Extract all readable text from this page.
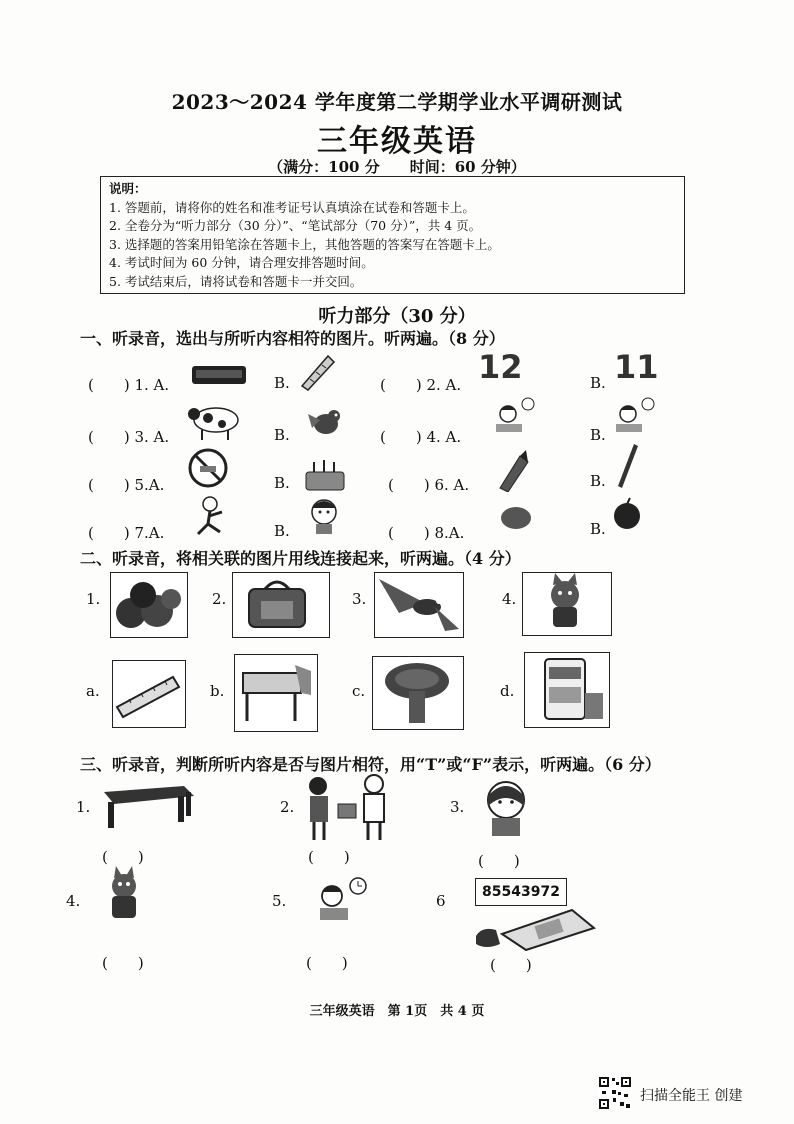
2023～2024 学年度第二学期学业水平调研测试
三年级英语
（满分：100 分　　时间：60 分钟）
说明：
1. 答题前，请将你的姓名和准考证号认真填涂在试卷和答题卡上。
2. 全卷分为“听力部分（30 分）”、“笔试部分（70 分）”，共 4 页。
3. 选择题的答案用铅笔涂在答题卡上，其他答题的答案写在答题卡上。
4. 考试时间为 60 分钟，请合理安排答题时间。
5. 考试结束后，请将试卷和答题卡一并交回。
听力部分（30 分）
一、听录音，选出与所听内容相符的图片。听两遍。（8 分）
(　　) 1. A.	B.	(　　) 2. A. 12	B. 11
(　　) 3. A.	B.	(　　) 4. A.	B.
(　　) 5.A.	B.	(　　) 6. A.	B.
(　　) 7.A.	B.	(　　) 8.A.	B.
二、听录音，将相关联的图片用线连接起来，听两遍。（4 分）
1.	2.	3.	4.
a.	b.	c.	d.
三、听录音，判断所听内容是否与图片相符，用“T”或“F”表示，听两遍。（6 分）
1.
(　　)
2.
(　　)
3.
(　　)
4.
(　　)
5.
(　　)
6	85543972
(　　)
三年级英语　第 1页　共 4 页
扫描全能王 创建
